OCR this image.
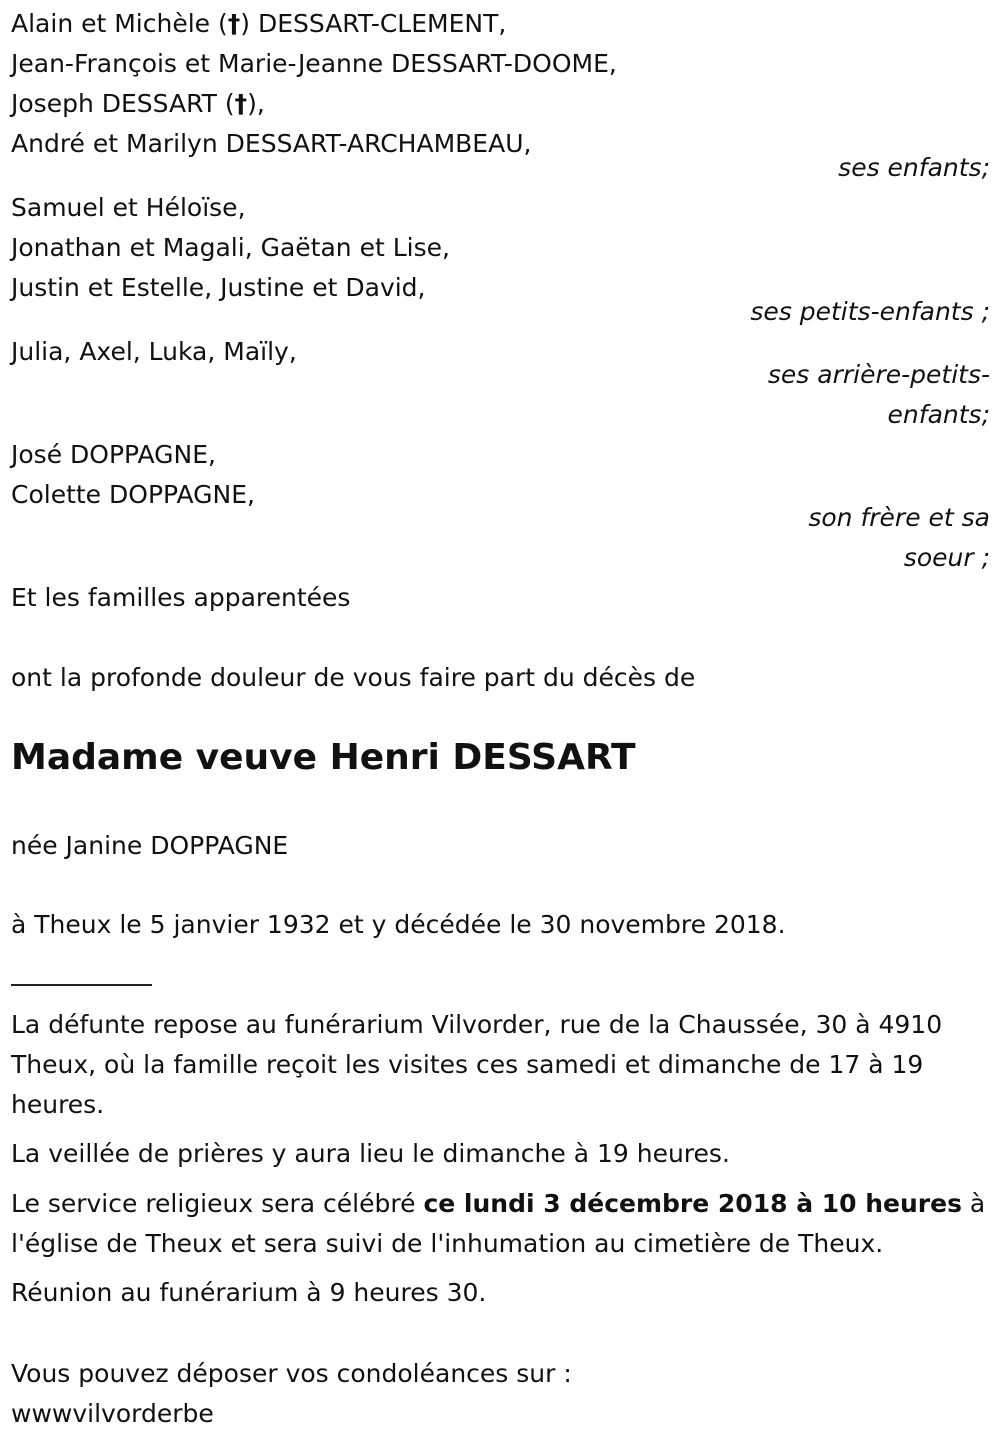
Alain et Michèle (†) DESSART-CLEMENT,
Jean-François et Marie-Jeanne DESSART-DOOME,
Joseph DESSART (†),
André et Marilyn DESSART-ARCHAMBEAU,
ses enfants;
Samuel et Héloïse,
Jonathan et Magali, Gaëtan et Lise,
Justin et Estelle, Justine et David,
ses petits-enfants ;
Julia, Axel, Luka, Maïly,
ses arrière-petits-
enfants;
José DOPPAGNE,
Colette DOPPAGNE,
son frère et sa
soeur ;
Et les familles apparentées
ont la profonde douleur de vous faire part du décès de
Madame veuve Henri DESSART
née Janine DOPPAGNE
à Theux le 5 janvier 1932 et y décédée le 30 novembre 2018.
La défunte repose au funérarium Vilvorder, rue de la Chaussée, 30 à 4910 Theux, où la famille reçoit les visites ces samedi et dimanche de 17 à 19 heures.
La veillée de prières y aura lieu le dimanche à 19 heures.
Le service religieux sera célébré ce lundi 3 décembre 2018 à 10 heures à l'église de Theux et sera suivi de l'inhumation au cimetière de Theux.
Réunion au funérarium à 9 heures 30.
Vous pouvez déposer vos condoléances sur :
wwwvilvorderbe
